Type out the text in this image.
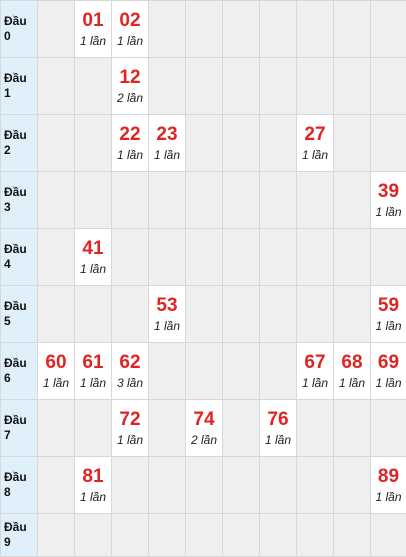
Đầu
0		01
1 lần	02
1 lần							

Đầu
1			12
2 lần							

Đầu
2			22
1 lần	23
1 lần				27
1 lần		

Đầu
3										39
1 lần

Đầu
4		41
1 lần								

Đầu
5				53
1 lần						59
1 lần

Đầu
6	60
1 lần	61
1 lần	62
3 lần					67
1 lần	68
1 lần	69
1 lần

Đầu
7			72
1 lần		74
2 lần		76
1 lần			

Đầu
8		81
1 lần								89
1 lần

Đầu
9										
